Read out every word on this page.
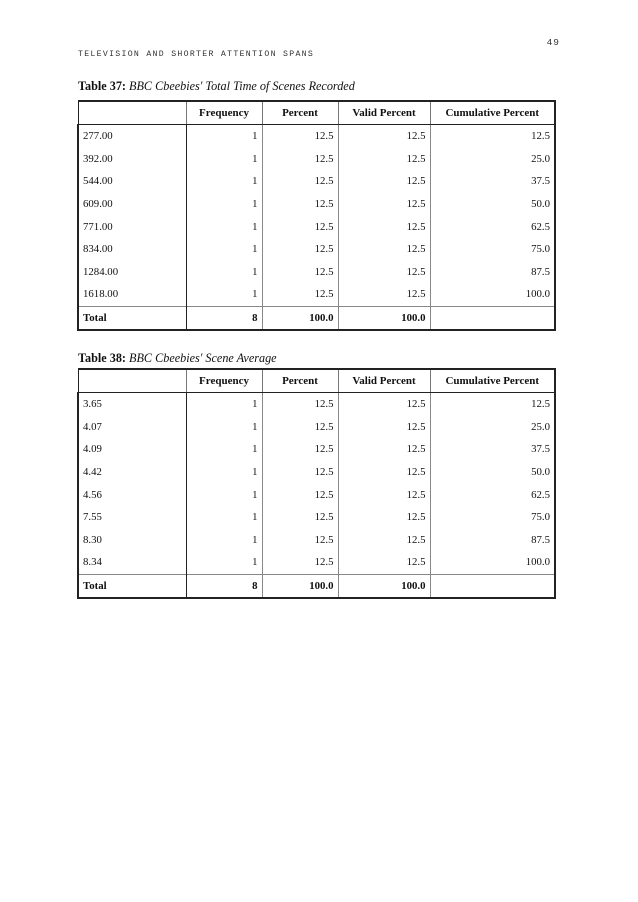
49
TELEVISION AND SHORTER ATTENTION SPANS
Table 37: BBC Cbeebies' Total Time of Scenes Recorded
	Frequency	Percent	Valid Percent	Cumulative Percent
277.00	1	12.5	12.5	12.5
392.00	1	12.5	12.5	25.0
544.00	1	12.5	12.5	37.5
609.00	1	12.5	12.5	50.0
771.00	1	12.5	12.5	62.5
834.00	1	12.5	12.5	75.0
1284.00	1	12.5	12.5	87.5
1618.00	1	12.5	12.5	100.0
Total	8	100.0	100.0	
Table 38: BBC Cbeebies' Scene Average
	Frequency	Percent	Valid Percent	Cumulative Percent
3.65	1	12.5	12.5	12.5
4.07	1	12.5	12.5	25.0
4.09	1	12.5	12.5	37.5
4.42	1	12.5	12.5	50.0
4.56	1	12.5	12.5	62.5
7.55	1	12.5	12.5	75.0
8.30	1	12.5	12.5	87.5
8.34	1	12.5	12.5	100.0
Total	8	100.0	100.0	
